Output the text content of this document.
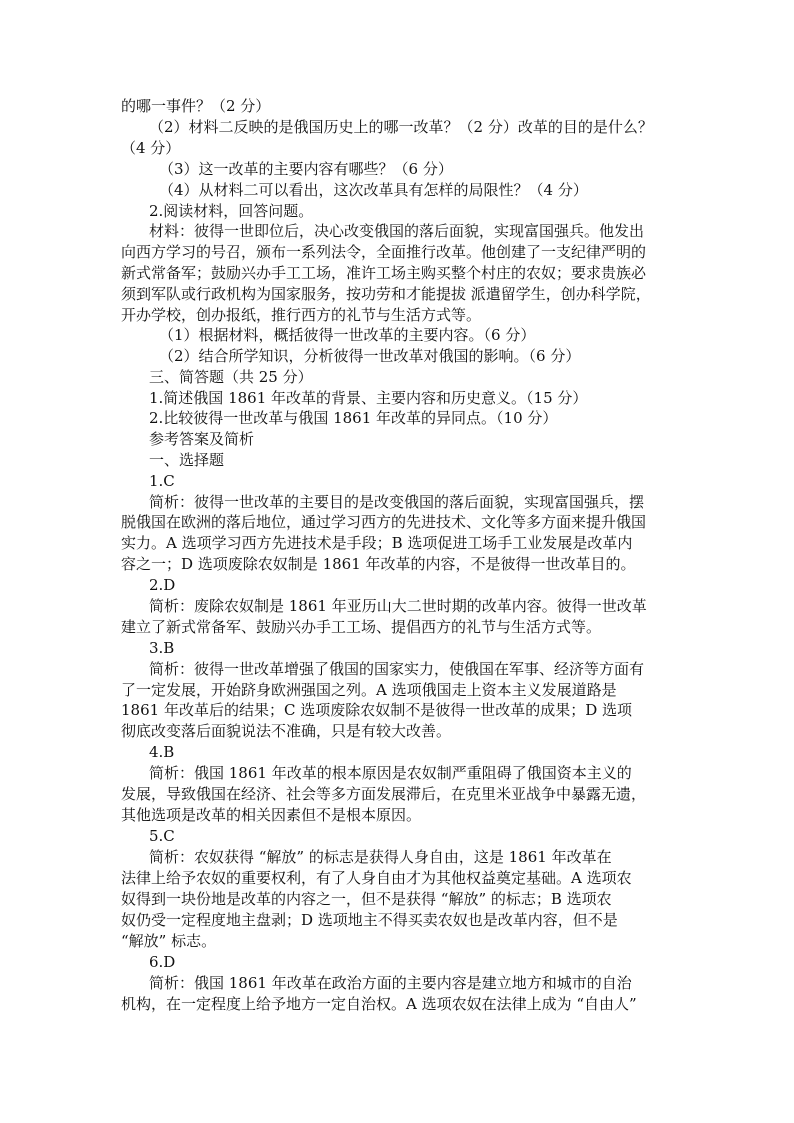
的哪一事件？（2 分）
（2）材料二反映的是俄国历史上的哪一改革？（2 分）改革的目的是什么？
（4 分）
（3）这一改革的主要内容有哪些？（6 分）
（4）从材料二可以看出，这次改革具有怎样的局限性？（4 分）
2.阅读材料，回答问题。
材料：彼得一世即位后，决心改变俄国的落后面貌，实现富国强兵。他发出
向西方学习的号召，颁布一系列法令，全面推行改革。他创建了一支纪律严明的
新式常备军；鼓励兴办手工工场，准许工场主购买整个村庄的农奴；要求贵族必
须到军队或行政机构为国家服务，按功劳和才能提拔 派遣留学生，创办科学院，
开办学校，创办报纸，推行西方的礼节与生活方式等。
（1）根据材料，概括彼得一世改革的主要内容。（6 分）
（2）结合所学知识，分析彼得一世改革对俄国的影响。（6 分）
三、简答题（共 25 分）
1.简述俄国 1861 年改革的背景、主要内容和历史意义。（15 分）
2.比较彼得一世改革与俄国 1861 年改革的异同点。（10 分）
参考答案及简析
一、选择题
1.C
简析：彼得一世改革的主要目的是改变俄国的落后面貌，实现富国强兵，摆
脱俄国在欧洲的落后地位，通过学习西方的先进技术、文化等多方面来提升俄国
实力。A 选项学习西方先进技术是手段；B 选项促进工场手工业发展是改革内
容之一；D 选项废除农奴制是 1861 年改革的内容，不是彼得一世改革目的。
2.D
简析：废除农奴制是 1861 年亚历山大二世时期的改革内容。彼得一世改革
建立了新式常备军、鼓励兴办手工工场、提倡西方的礼节与生活方式等。
3.B
简析：彼得一世改革增强了俄国的国家实力，使俄国在军事、经济等方面有
了一定发展，开始跻身欧洲强国之列。A 选项俄国走上资本主义发展道路是
1861 年改革后的结果；C 选项废除农奴制不是彼得一世改革的成果；D 选项
彻底改变落后面貌说法不准确，只是有较大改善。
4.B
简析：俄国 1861 年改革的根本原因是农奴制严重阻碍了俄国资本主义的
发展，导致俄国在经济、社会等多方面发展滞后，在克里米亚战争中暴露无遗，
其他选项是改革的相关因素但不是根本原因。
5.C
简析：农奴获得 “解放” 的标志是获得人身自由，这是 1861 年改革在
法律上给予农奴的重要权利，有了人身自由才为其他权益奠定基础。A 选项农
奴得到一块份地是改革的内容之一，但不是获得 “解放” 的标志；B 选项农
奴仍受一定程度地主盘剥；D 选项地主不得买卖农奴也是改革内容，但不是
“解放” 标志。
6.D
简析：俄国 1861 年改革在政治方面的主要内容是建立地方和城市的自治
机构，在一定程度上给予地方一定自治权。A 选项农奴在法律上成为 “自由人”
